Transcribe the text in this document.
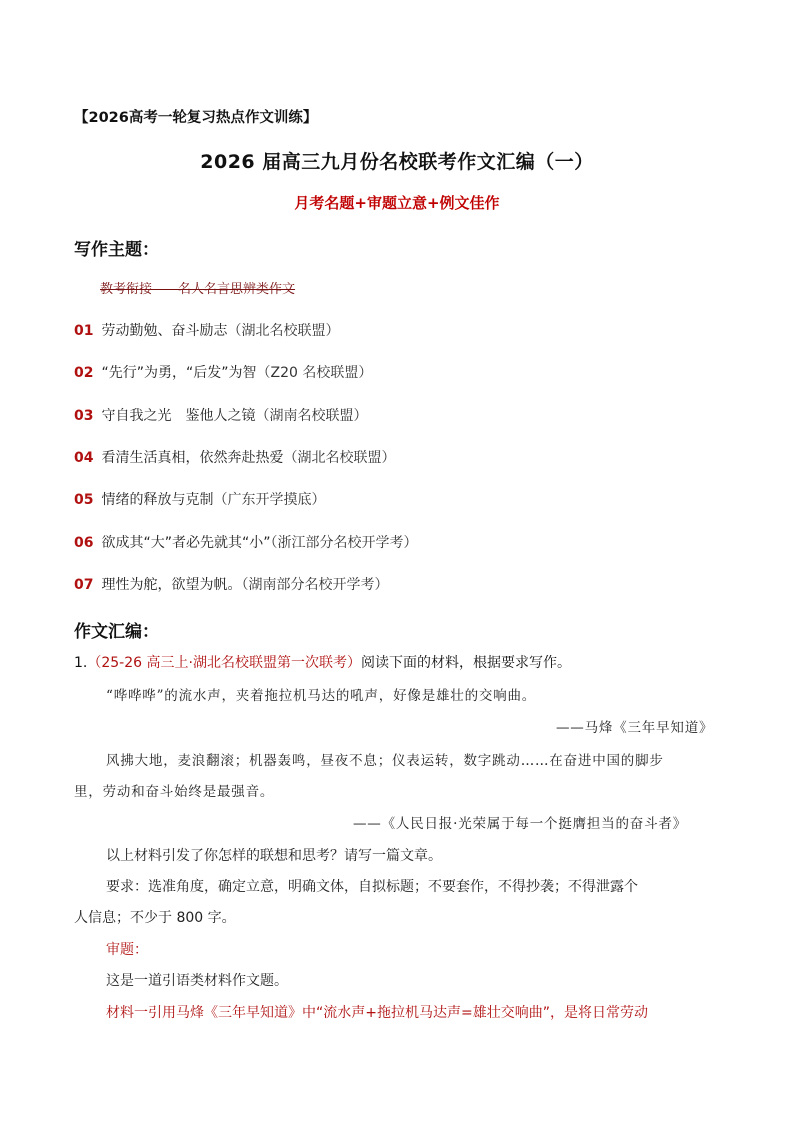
【2026高考一轮复习热点作文训练】
2026 届高三九月份名校联考作文汇编（一）
月考名题+审题立意+例文佳作
写作主题：
教考衔接——名人名言思辨类作文
01 劳动勤勉、奋斗励志（湖北名校联盟）
02 “先行”为勇，“后发”为智（Z20 名校联盟）
03 守自我之光　鉴他人之镜（湖南名校联盟）
04 看清生活真相，依然奔赴热爱（湖北名校联盟）
05 情绪的释放与克制（广东开学摸底）
06 欲成其“大”者必先就其“小”（浙江部分名校开学考）
07 理性为舵，欲望为帆。（湖南部分名校开学考）
作文汇编：
1.（25-26 高三上·湖北名校联盟第一次联考）阅读下面的材料，根据要求写作。
“哗哗哗”的流水声，夹着拖拉机马达的吼声，好像是雄壮的交响曲。
——马烽《三年早知道》
风拂大地，麦浪翻滚；机器轰鸣，昼夜不息；仪表运转，数字跳动……在奋进中国的脚步
里，劳动和奋斗始终是最强音。
——《人民日报·光荣属于每一个挺膺担当的奋斗者》
以上材料引发了你怎样的联想和思考？请写一篇文章。
要求：选准角度，确定立意，明确文体，自拟标题；不要套作，不得抄袭；不得泄露个
人信息；不少于 800 字。
审题：
这是一道引语类材料作文题。
材料一引用马烽《三年早知道》中“流水声+拖拉机马达声=雄壮交响曲”，是将日常劳动
